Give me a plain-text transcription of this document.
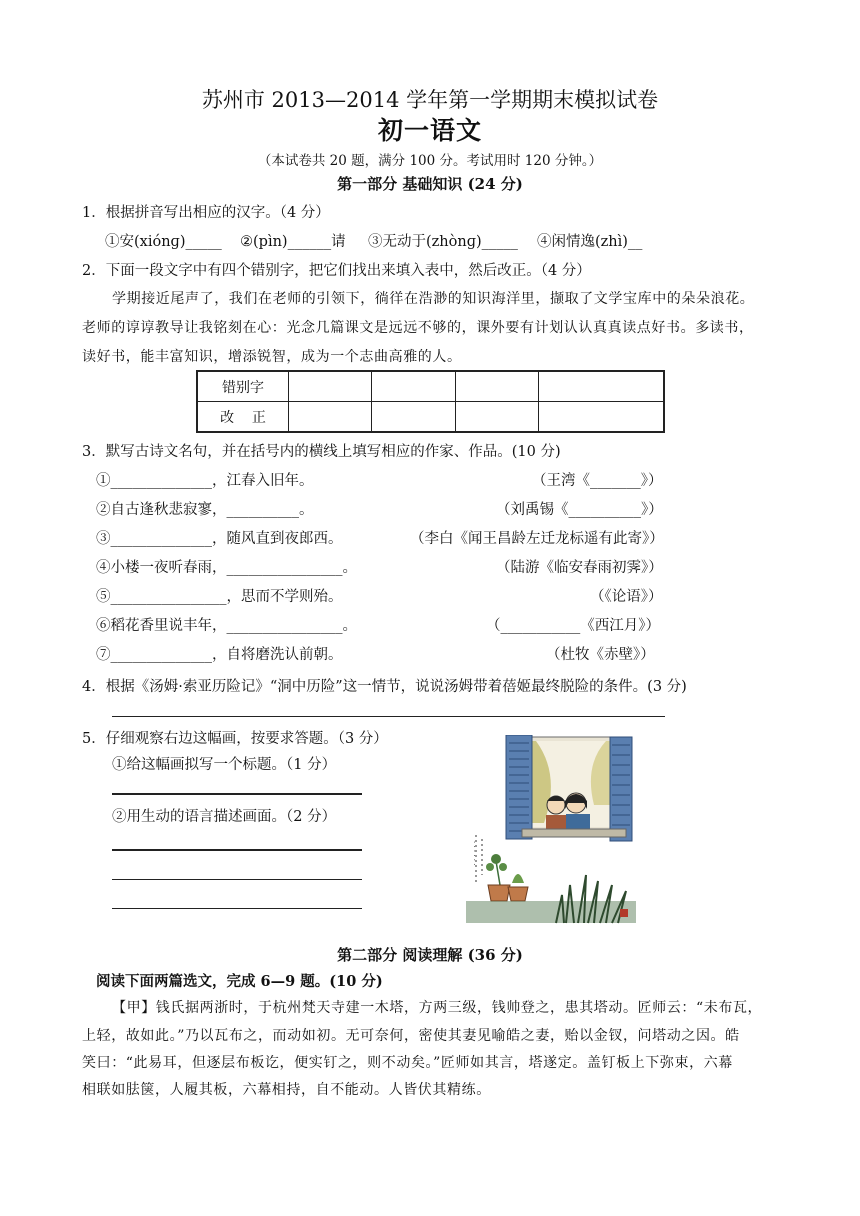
苏州市 2013—2014 学年第一学期期末模拟试卷
初一语文
（本试卷共 20 题，满分 100 分。考试用时 120 分钟。）
第一部分 基础知识 (24 分)
1．根据拼音写出相应的汉字。（4 分）
①安(xiónɡ)_____ ②(pìn)______请 ③无动于(zhònɡ)_____ ④闲情逸(zhì)__
2．下面一段文字中有四个错别字，把它们找出来填入表中，然后改正。（4 分）
学期接近尾声了，我们在老师的引领下，徜徉在浩渺的知识海洋里，撷取了文学宝库中的朵朵浪花。
老师的谆谆教导让我铭刻在心：光念几篇课文是远远不够的，课外要有计划认认真真读点好书。多读书，
读好书，能丰富知识，增添锐智，成为一个志曲高雅的人。
错别字				
改    正				
3．默写古诗文名句，并在括号内的横线上填写相应的作家、作品。(10 分)
①______________，江春入旧年。	（王湾《_______》）
②自古逢秋悲寂寥，__________。	（刘禹锡《__________》）
③______________，随风直到夜郎西。	（李白《闻王昌龄左迁龙标遥有此寄》）
④小楼一夜听春雨，________________。	（陆游《临安春雨初霁》）
⑤________________，思而不学则殆。	（《论语》）
⑥稻花香里说丰年，________________。	（___________《西江月》）
⑦______________，自将磨洗认前朝。	（杜牧《赤壁》）
4．根据《汤姆·索亚历险记》“洞中历险”这一情节，说说汤姆带着蓓姬最终脱险的条件。(3 分)
5．仔细观察右边这幅画，按要求答题。（3 分）
①给这幅画拟写一个标题。（1 分）
②用生动的语言描述画面。（2 分）
· · · · · ·
第二部分 阅读理解 (36 分)
阅读下面两篇选文，完成 6—9 题。(10 分)
【甲】钱氏据两浙时，于杭州梵天寺建一木塔，方两三级，钱帅登之，患其塔动。匠师云：“未布瓦，
上轻，故如此。”乃以瓦布之，而动如初。无可奈何，密使其妻见喻皓之妻，贻以金钗，问塔动之因。皓
笑曰：“此易耳，但逐层布板讫，便实钉之，则不动矣。”匠师如其言，塔遂定。盖钉板上下弥束，六幕
相联如胠箧，人履其板，六幕相持，自不能动。人皆伏其精练。
